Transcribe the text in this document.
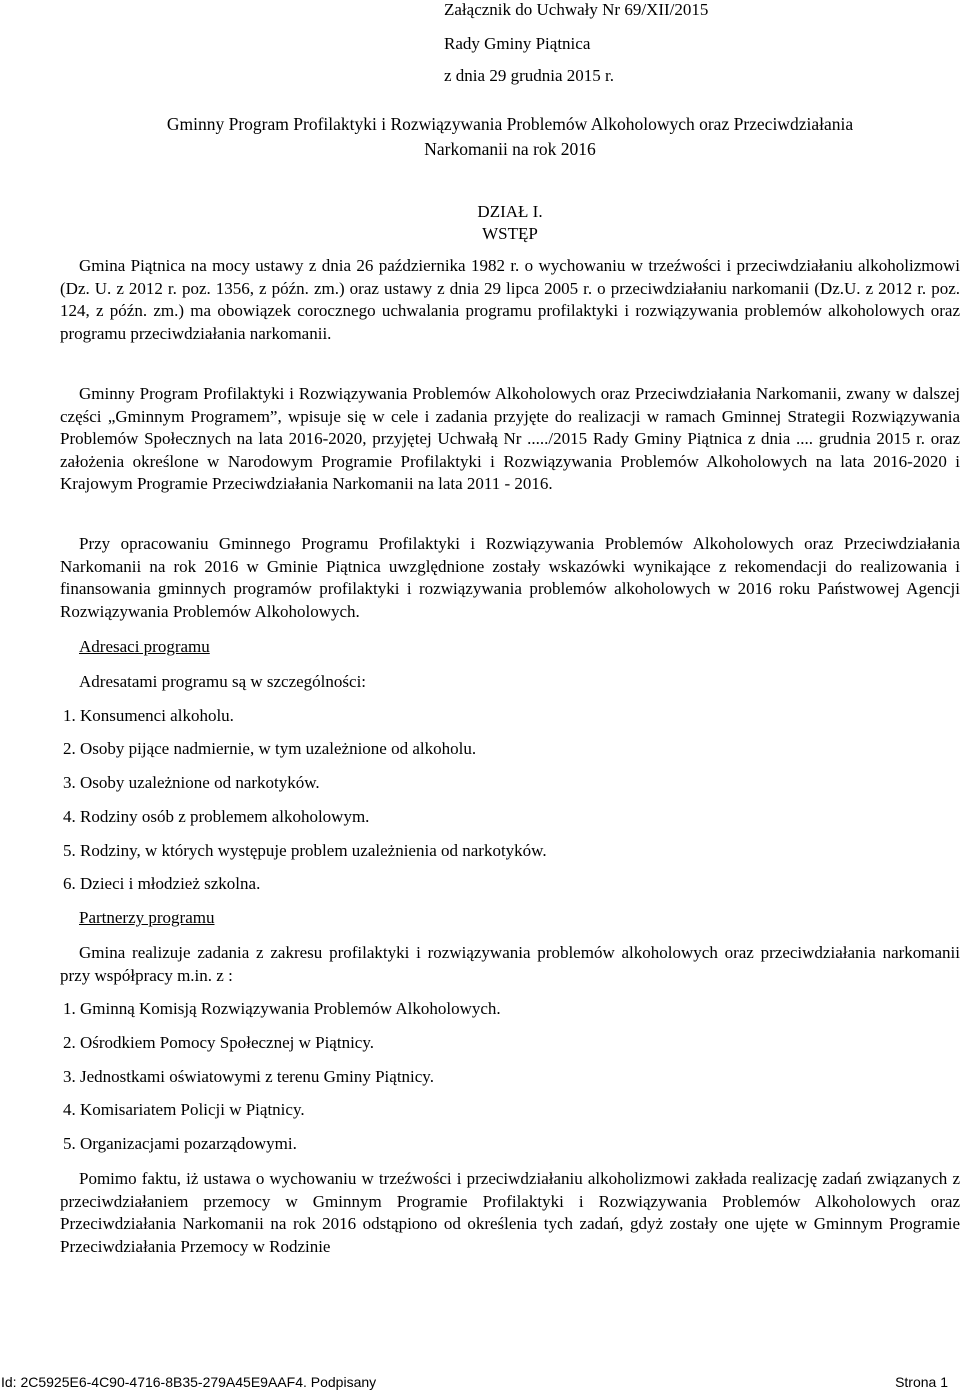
Załącznik do Uchwały Nr 69/XII/2015
Rady Gminy Piątnica
z dnia 29 grudnia 2015 r.
Gminny Program Profilaktyki i Rozwiązywania Problemów Alkoholowych oraz Przeciwdziałania
Narkomanii na rok 2016
DZIAŁ I.
WSTĘP

Gmina Piątnica na mocy ustawy z dnia 26 października 1982 r. o wychowaniu w trzeźwości i przeciwdziałaniu alkoholizmowi (Dz. U. z 2012 r. poz. 1356, z późn. zm.) oraz ustawy z dnia 29 lipca 2005 r. o przeciwdziałaniu narkomanii (Dz.U. z 2012 r. poz. 124, z późn. zm.) ma obowiązek corocznego uchwalania programu profilaktyki i rozwiązywania problemów alkoholowych oraz programu przeciwdziałania narkomanii.

Gminny Program Profilaktyki i Rozwiązywania Problemów Alkoholowych oraz Przeciwdziałania Narkomanii, zwany w dalszej części „Gminnym Programem”, wpisuje się w cele i zadania przyjęte do realizacji w ramach Gminnej Strategii Rozwiązywania Problemów Społecznych na lata 2016-2020, przyjętej Uchwałą Nr ...../2015 Rady Gminy Piątnica z dnia .... grudnia 2015 r. oraz założenia określone w Narodowym Programie Profilaktyki i Rozwiązywania Problemów Alkoholowych na lata 2016-2020 i Krajowym Programie Przeciwdziałania Narkomanii na lata 2011 - 2016.

Przy opracowaniu Gminnego Programu Profilaktyki i Rozwiązywania Problemów Alkoholowych oraz Przeciwdziałania Narkomanii na rok 2016 w Gminie Piątnica uwzględnione zostały wskazówki wynikające z rekomendacji do realizowania i finansowania gminnych programów profilaktyki i rozwiązywania problemów alkoholowych w 2016 roku Państwowej Agencji Rozwiązywania Problemów Alkoholowych.

Adresaci programu
Adresatami programu są w szczególności:
1. Konsumenci alkoholu.
2. Osoby pijące nadmiernie, w tym uzależnione od alkoholu.
3. Osoby uzależnione od narkotyków.
4. Rodziny osób z problemem alkoholowym.
5. Rodziny, w których występuje problem uzależnienia od narkotyków.
6. Dzieci i młodzież szkolna.
Partnerzy programu

Gmina realizuje zadania z zakresu profilaktyki i rozwiązywania problemów alkoholowych oraz przeciwdziałania narkomanii przy współpracy m.in. z :

1. Gminną Komisją Rozwiązywania Problemów Alkoholowych.
2. Ośrodkiem Pomocy Społecznej w Piątnicy.
3. Jednostkami oświatowymi z terenu Gminy Piątnicy.
4. Komisariatem Policji w Piątnicy.
5. Organizacjami pozarządowymi.

Pomimo faktu, iż ustawa o wychowaniu w trzeźwości i przeciwdziałaniu alkoholizmowi zakłada realizację zadań związanych z przeciwdziałaniem przemocy w Gminnym Programie Profilaktyki i Rozwiązywania Problemów Alkoholowych oraz Przeciwdziałania Narkomanii na rok 2016 odstąpiono od określenia tych zadań, gdyż zostały one ujęte w Gminnym Programie Przeciwdziałania Przemocy w Rodzinie

Id: 2C5925E6-4C90-4716-8B35-279A45E9AAF4. Podpisany	Strona 1
